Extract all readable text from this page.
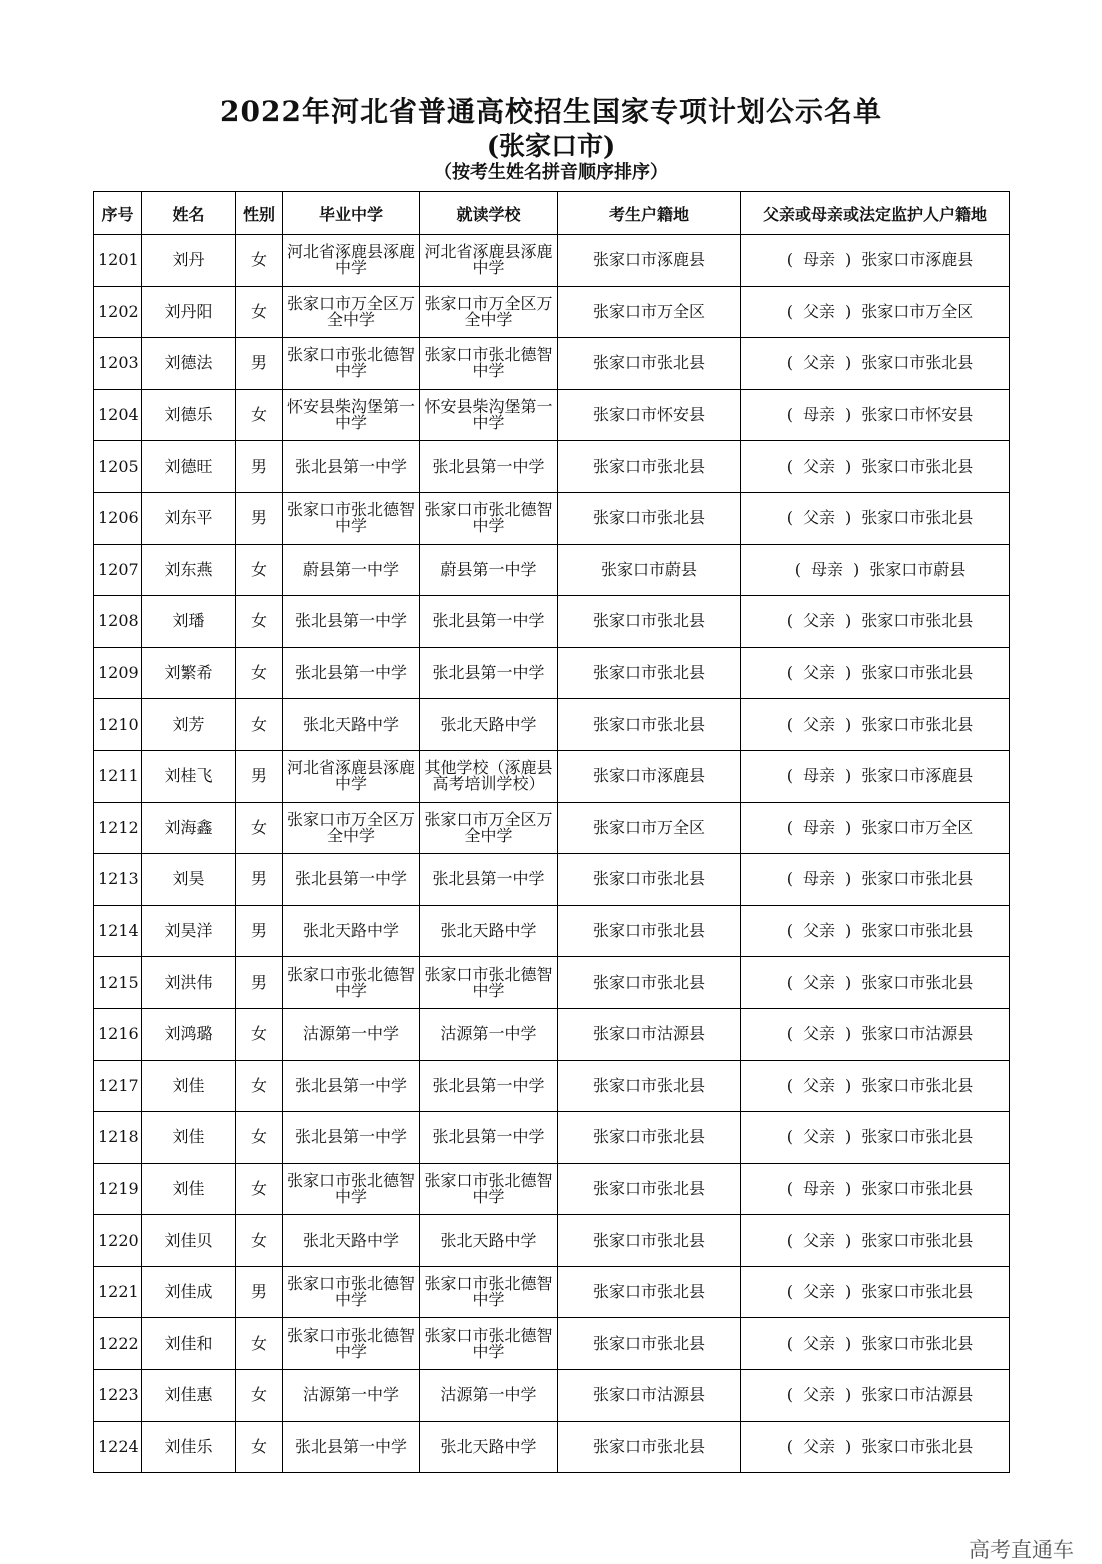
2022年河北省普通高校招生国家专项计划公示名单
(张家口市)
（按考生姓名拼音顺序排序）
序号	姓名	性别	毕业中学	就读学校	考生户籍地	父亲或母亲或法定监护人户籍地
1201	刘丹	女	河北省涿鹿县涿鹿中学	河北省涿鹿县涿鹿中学	张家口市涿鹿县	( 母亲 ) 张家口市涿鹿县
1202	刘丹阳	女	张家口市万全区万全中学	张家口市万全区万全中学	张家口市万全区	( 父亲 ) 张家口市万全区
1203	刘德法	男	张家口市张北德智中学	张家口市张北德智中学	张家口市张北县	( 父亲 ) 张家口市张北县
1204	刘德乐	女	怀安县柴沟堡第一中学	怀安县柴沟堡第一中学	张家口市怀安县	( 母亲 ) 张家口市怀安县
1205	刘德旺	男	张北县第一中学	张北县第一中学	张家口市张北县	( 父亲 ) 张家口市张北县
1206	刘东平	男	张家口市张北德智中学	张家口市张北德智中学	张家口市张北县	( 父亲 ) 张家口市张北县
1207	刘东燕	女	蔚县第一中学	蔚县第一中学	张家口市蔚县	( 母亲 ) 张家口市蔚县
1208	刘璠	女	张北县第一中学	张北县第一中学	张家口市张北县	( 父亲 ) 张家口市张北县
1209	刘繁希	女	张北县第一中学	张北县第一中学	张家口市张北县	( 父亲 ) 张家口市张北县
1210	刘芳	女	张北天路中学	张北天路中学	张家口市张北县	( 父亲 ) 张家口市张北县
1211	刘桂飞	男	河北省涿鹿县涿鹿中学	其他学校（涿鹿县高考培训学校）	张家口市涿鹿县	( 母亲 ) 张家口市涿鹿县
1212	刘海鑫	女	张家口市万全区万全中学	张家口市万全区万全中学	张家口市万全区	( 母亲 ) 张家口市万全区
1213	刘昊	男	张北县第一中学	张北县第一中学	张家口市张北县	( 母亲 ) 张家口市张北县
1214	刘昊洋	男	张北天路中学	张北天路中学	张家口市张北县	( 父亲 ) 张家口市张北县
1215	刘洪伟	男	张家口市张北德智中学	张家口市张北德智中学	张家口市张北县	( 父亲 ) 张家口市张北县
1216	刘鸿璐	女	沽源第一中学	沽源第一中学	张家口市沽源县	( 父亲 ) 张家口市沽源县
1217	刘佳	女	张北县第一中学	张北县第一中学	张家口市张北县	( 父亲 ) 张家口市张北县
1218	刘佳	女	张北县第一中学	张北县第一中学	张家口市张北县	( 父亲 ) 张家口市张北县
1219	刘佳	女	张家口市张北德智中学	张家口市张北德智中学	张家口市张北县	( 母亲 ) 张家口市张北县
1220	刘佳贝	女	张北天路中学	张北天路中学	张家口市张北县	( 父亲 ) 张家口市张北县
1221	刘佳成	男	张家口市张北德智中学	张家口市张北德智中学	张家口市张北县	( 父亲 ) 张家口市张北县
1222	刘佳和	女	张家口市张北德智中学	张家口市张北德智中学	张家口市张北县	( 父亲 ) 张家口市张北县
1223	刘佳惠	女	沽源第一中学	沽源第一中学	张家口市沽源县	( 父亲 ) 张家口市沽源县
1224	刘佳乐	女	张北县第一中学	张北天路中学	张家口市张北县	( 父亲 ) 张家口市张北县
高考直通车
